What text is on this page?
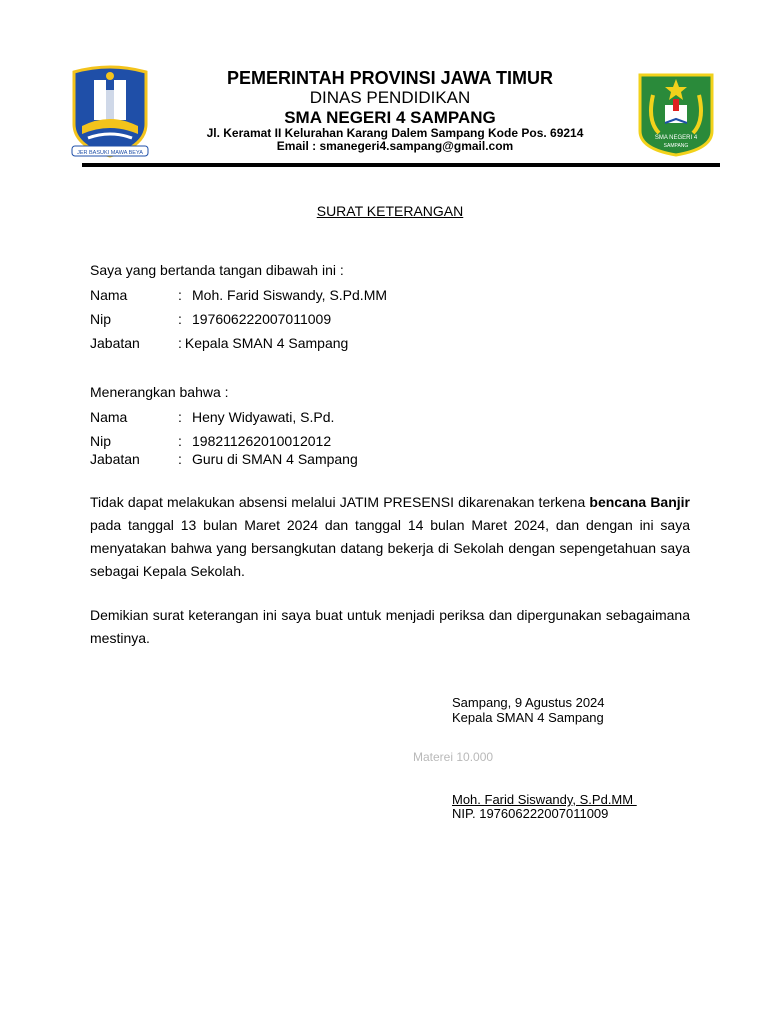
JER BASUKI MAWA BEYA
SMA NEGERI 4
SAMPANG
PEMERINTAH PROVINSI JAWA TIMUR
DINAS PENDIDIKAN
SMA NEGERI 4 SAMPANG
Jl. Keramat II Kelurahan Karang Dalem Sampang Kode Pos. 69214
Email : smanegeri4.sampang@gmail.com
SURAT KETERANGAN
Saya yang bertanda tangan dibawah ini :
Nama	: Moh. Farid Siswandy, S.Pd.MM
Nip	: 197606222007011009
Jabatan	: Kepala SMAN 4 Sampang
Menerangkan bahwa :
Nama	: Heny Widyawati, S.Pd.
Nip	: 198211262010012012
Jabatan	: Guru di SMAN 4 Sampang
Tidak dapat melakukan absensi melalui JATIM PRESENSI dikarenakan terkena bencana Banjir pada tanggal 13 bulan Maret 2024 dan tanggal 14 bulan Maret 2024, dan dengan ini saya menyatakan bahwa yang bersangkutan datang bekerja di Sekolah dengan sepengetahuan saya sebagai Kepala Sekolah.
Demikian surat keterangan ini saya buat untuk menjadi periksa dan dipergunakan sebagaimana mestinya.
Sampang, 9 Agustus 2024
Kepala SMAN 4 Sampang
Materei 10.000
Moh. Farid Siswandy, S.Pd.MM
NIP. 197606222007011009
